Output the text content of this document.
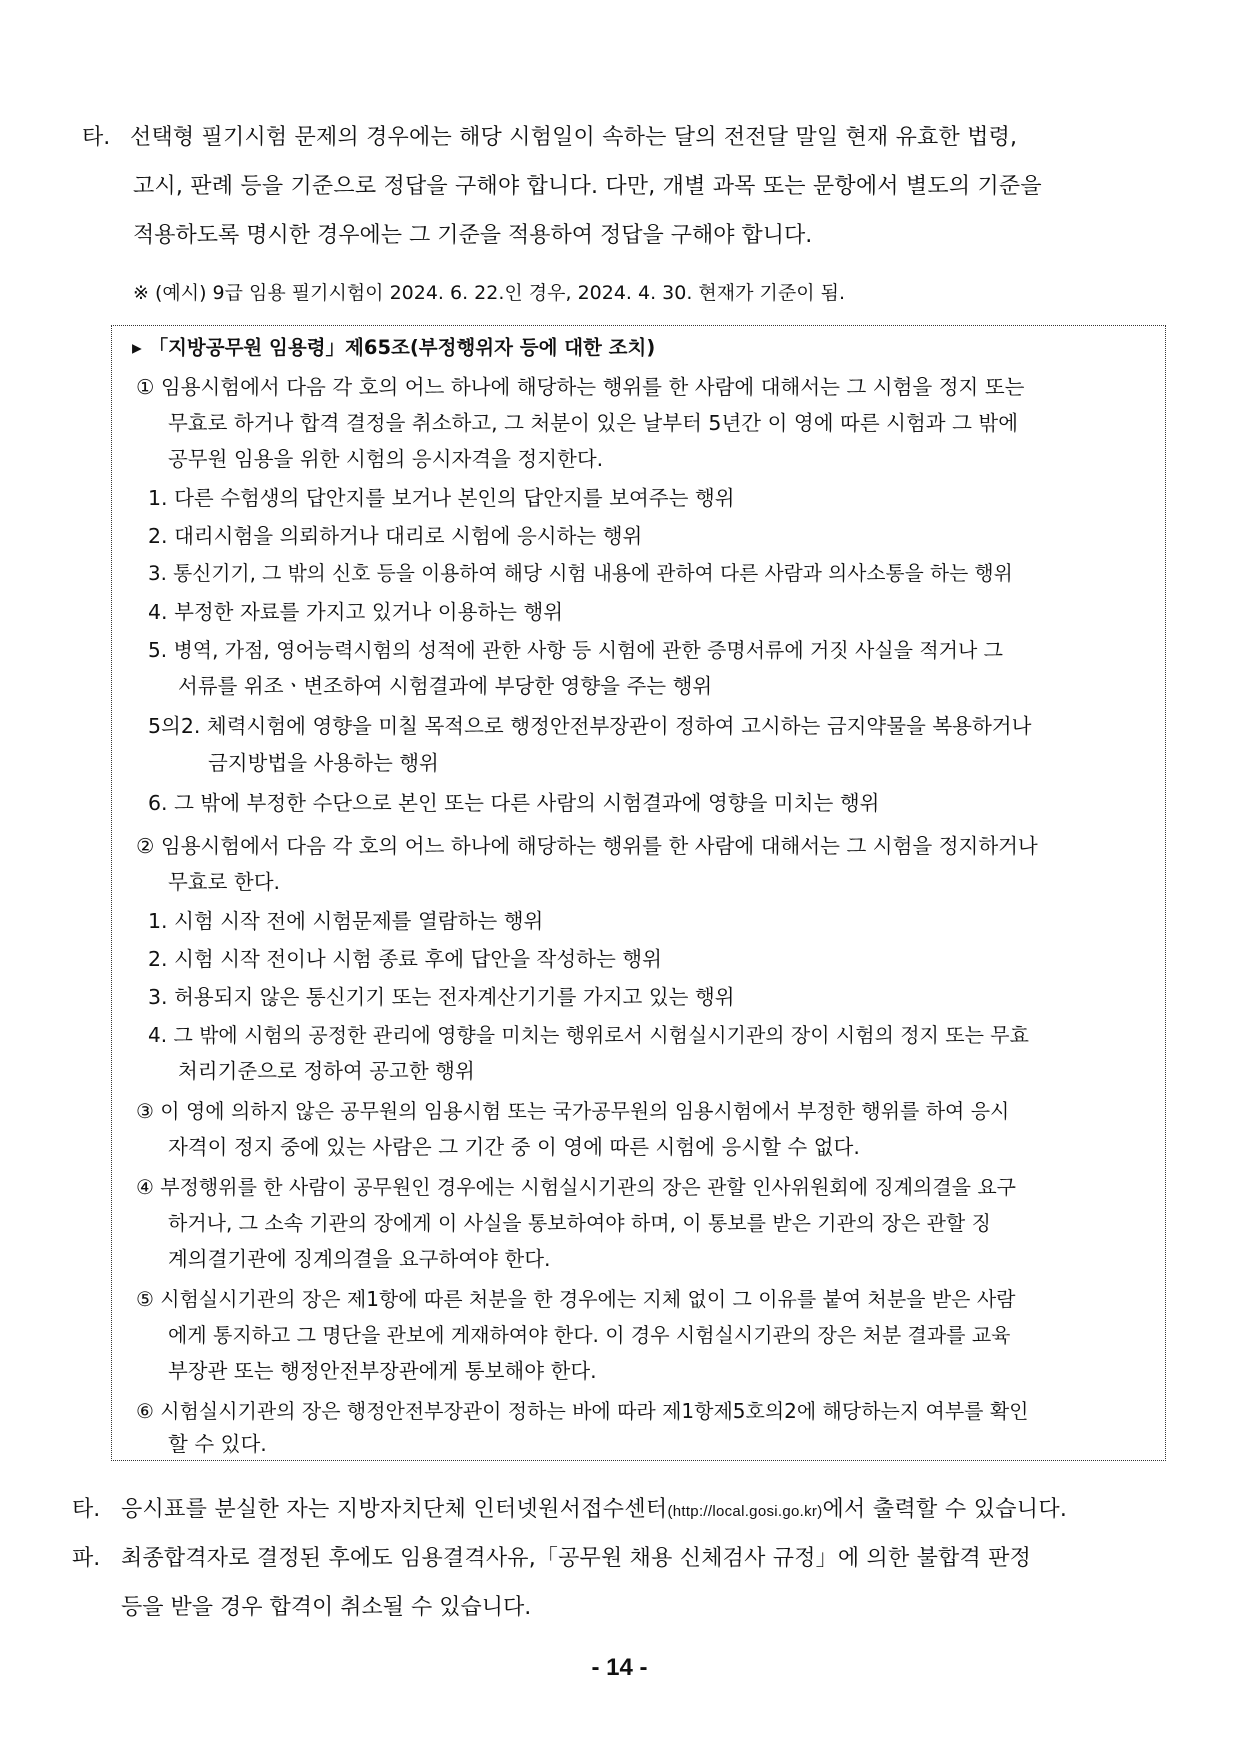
타. 선택형 필기시험 문제의 경우에는 해당 시험일이 속하는 달의 전전달 말일 현재 유효한 법령,
고시, 판례 등을 기준으로 정답을 구해야 합니다. 다만, 개별 과목 또는 문항에서 별도의 기준을
적용하도록 명시한 경우에는 그 기준을 적용하여 정답을 구해야 합니다.
※ (예시) 9급 임용 필기시험이 2024. 6. 22.인 경우, 2024. 4. 30. 현재가 기준이 됨.
▸ 「지방공무원 임용령」제65조(부정행위자 등에 대한 조치)
① 임용시험에서 다음 각 호의 어느 하나에 해당하는 행위를 한 사람에 대해서는 그 시험을 정지 또는
무효로 하거나 합격 결정을 취소하고, 그 처분이 있은 날부터 5년간 이 영에 따른 시험과 그 밖에
공무원 임용을 위한 시험의 응시자격을 정지한다.
1. 다른 수험생의 답안지를 보거나 본인의 답안지를 보여주는 행위
2. 대리시험을 의뢰하거나 대리로 시험에 응시하는 행위
3. 통신기기, 그 밖의 신호 등을 이용하여 해당 시험 내용에 관하여 다른 사람과 의사소통을 하는 행위
4. 부정한 자료를 가지고 있거나 이용하는 행위
5. 병역, 가점, 영어능력시험의 성적에 관한 사항 등 시험에 관한 증명서류에 거짓 사실을 적거나 그
서류를 위조ㆍ변조하여 시험결과에 부당한 영향을 주는 행위
5의2. 체력시험에 영향을 미칠 목적으로 행정안전부장관이 정하여 고시하는 금지약물을 복용하거나
금지방법을 사용하는 행위
6. 그 밖에 부정한 수단으로 본인 또는 다른 사람의 시험결과에 영향을 미치는 행위
② 임용시험에서 다음 각 호의 어느 하나에 해당하는 행위를 한 사람에 대해서는 그 시험을 정지하거나
무효로 한다.
1. 시험 시작 전에 시험문제를 열람하는 행위
2. 시험 시작 전이나 시험 종료 후에 답안을 작성하는 행위
3. 허용되지 않은 통신기기 또는 전자계산기기를 가지고 있는 행위
4. 그 밖에 시험의 공정한 관리에 영향을 미치는 행위로서 시험실시기관의 장이 시험의 정지 또는 무효
처리기준으로 정하여 공고한 행위
③ 이 영에 의하지 않은 공무원의 임용시험 또는 국가공무원의 임용시험에서 부정한 행위를 하여 응시
자격이 정지 중에 있는 사람은 그 기간 중 이 영에 따른 시험에 응시할 수 없다.
④ 부정행위를 한 사람이 공무원인 경우에는 시험실시기관의 장은 관할 인사위원회에 징계의결을 요구
하거나, 그 소속 기관의 장에게 이 사실을 통보하여야 하며, 이 통보를 받은 기관의 장은 관할 징
계의결기관에 징계의결을 요구하여야 한다.
⑤ 시험실시기관의 장은 제1항에 따른 처분을 한 경우에는 지체 없이 그 이유를 붙여 처분을 받은 사람
에게 통지하고 그 명단을 관보에 게재하여야 한다. 이 경우 시험실시기관의 장은 처분 결과를 교육
부장관 또는 행정안전부장관에게 통보해야 한다.
⑥ 시험실시기관의 장은 행정안전부장관이 정하는 바에 따라 제1항제5호의2에 해당하는지 여부를 확인
할 수 있다.
타. 응시표를 분실한 자는 지방자치단체 인터넷원서접수센터(http://local.gosi.go.kr)에서 출력할 수 있습니다.
파. 최종합격자로 결정된 후에도 임용결격사유,「공무원 채용 신체검사 규정」에 의한 불합격 판정
등을 받을 경우 합격이 취소될 수 있습니다.
- 14 -
